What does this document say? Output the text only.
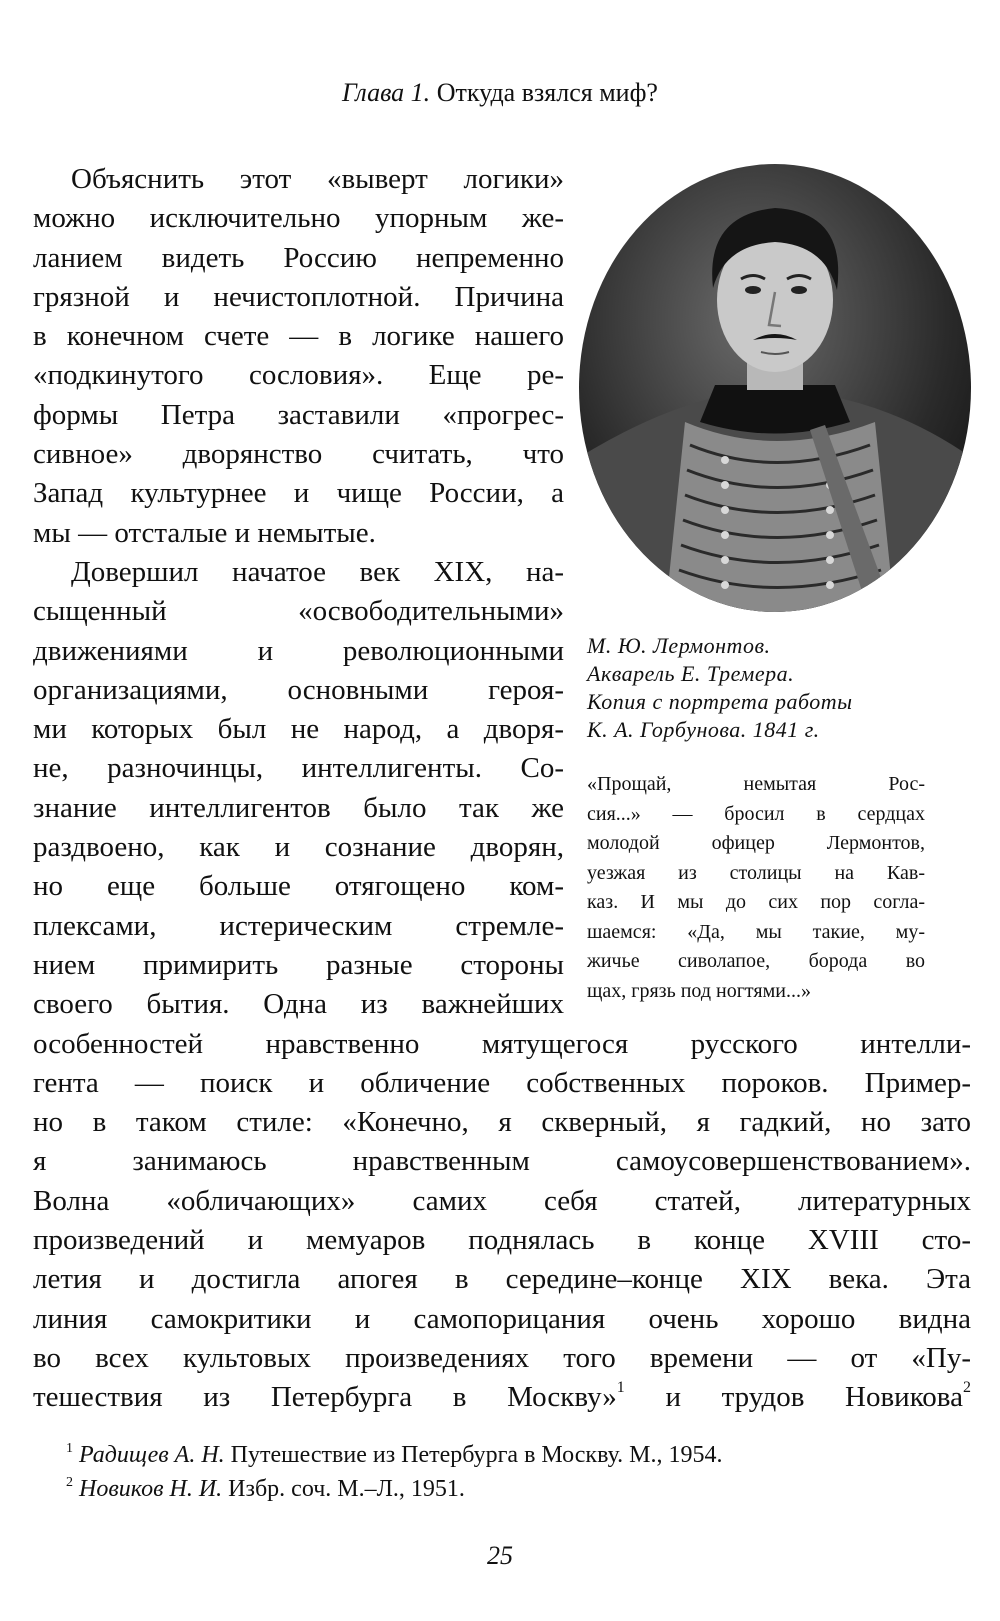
Глава 1. Откуда взялся миф?
М. Ю. Лермонтов.
Акварель Е. Тремера.
Копия с портрета работы
К. А. Горбунова. 1841 г.
«Прощай, немытая Рос-
сия...» — бросил в сердцах
молодой офицер Лермонтов,
уезжая из столицы на Кав-
каз. И мы до сих пор согла-
шаемся: «Да, мы такие, му-
жичье сиволапое, борода во
щах, грязь под ногтями...»
Объяснить этот «выверт логики»
можно исключительно упорным же-
ланием видеть Россию непременно
грязной и нечистоплотной. Причина
в конечном счете — в логике нашего
«подкинутого сословия». Еще ре-
формы Петра заставили «прогрес-
сивное» дворянство считать, что
Запад культурнее и чище России, а
мы — отсталые и немытые.
Довершил начатое век XIX, на-
сыщенный «освободительными»
движениями и революционными
организациями, основными героя-
ми которых был не народ, а дворя-
не, разночинцы, интеллигенты. Со-
знание интеллигентов было так же
раздвоено, как и сознание дворян,
но еще больше отягощено ком-
плексами, истерическим стремле-
нием примирить разные стороны
своего бытия. Одна из важнейших
особенностей нравственно мятущегося русского интелли-
гента — поиск и обличение собственных пороков. Пример-
но в таком стиле: «Конечно, я скверный, я гадкий, но зато
я занимаюсь нравственным самоусовершенствованием».
Волна «обличающих» самих себя статей, литературных
произведений и мемуаров поднялась в конце XVIII сто-
летия и достигла апогея в середине–конце XIX века. Эта
линия самокритики и самопорицания очень хорошо видна
во всех культовых произведениях того времени — от «Пу-
тешествия из Петербурга в Москву»$^1$ и трудов Новикова$^2$
$^1$ Радищев А. Н. Путешествие из Петербурга в Москву. М., 1954.
$^2$ Новиков Н. И. Избр. соч. М.–Л., 1951.
25
